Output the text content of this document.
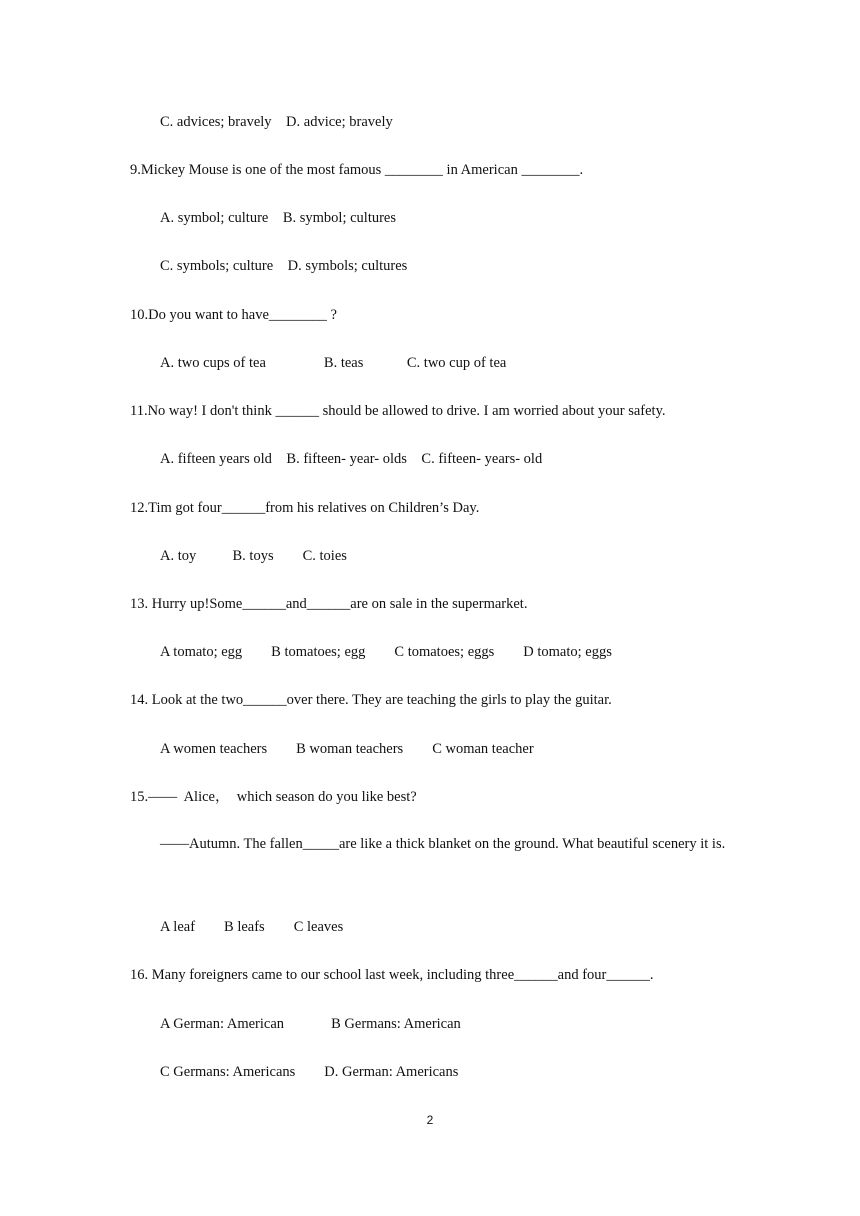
C. advices; bravely    D. advice; bravely
9.Mickey Mouse is one of the most famous ________ in American ________.
A. symbol; culture    B. symbol; cultures
C. symbols; culture    D. symbols; cultures
10.Do you want to have________ ?
A. two cups of tea                B. teas            C. two cup of tea
11.No way! I don't think ______ should be allowed to drive. I am worried about your safety.
A. fifteen years old    B. fifteen- year- olds    C. fifteen- years- old
12.Tim got four______from his relatives on Children’s Day.
A. toy          B. toys        C. toies
13. Hurry up!Some______and______are on sale in the supermarket.
A tomato; egg        B tomatoes; egg        C tomatoes; eggs        D tomato; eggs
14. Look at the two______over there. They are teaching the girls to play the guitar.
A women teachers        B woman teachers        C woman teacher
15.——  Alice，  which season do you like best?
——Autumn. The fallen_____are like a thick blanket on the ground. What beautiful scenery it is.
A leaf        B leafs        C leaves
16. Many foreigners came to our school last week, including three______and four______.
A German: American             B Germans: American
C Germans: Americans        D. German: Americans
2
